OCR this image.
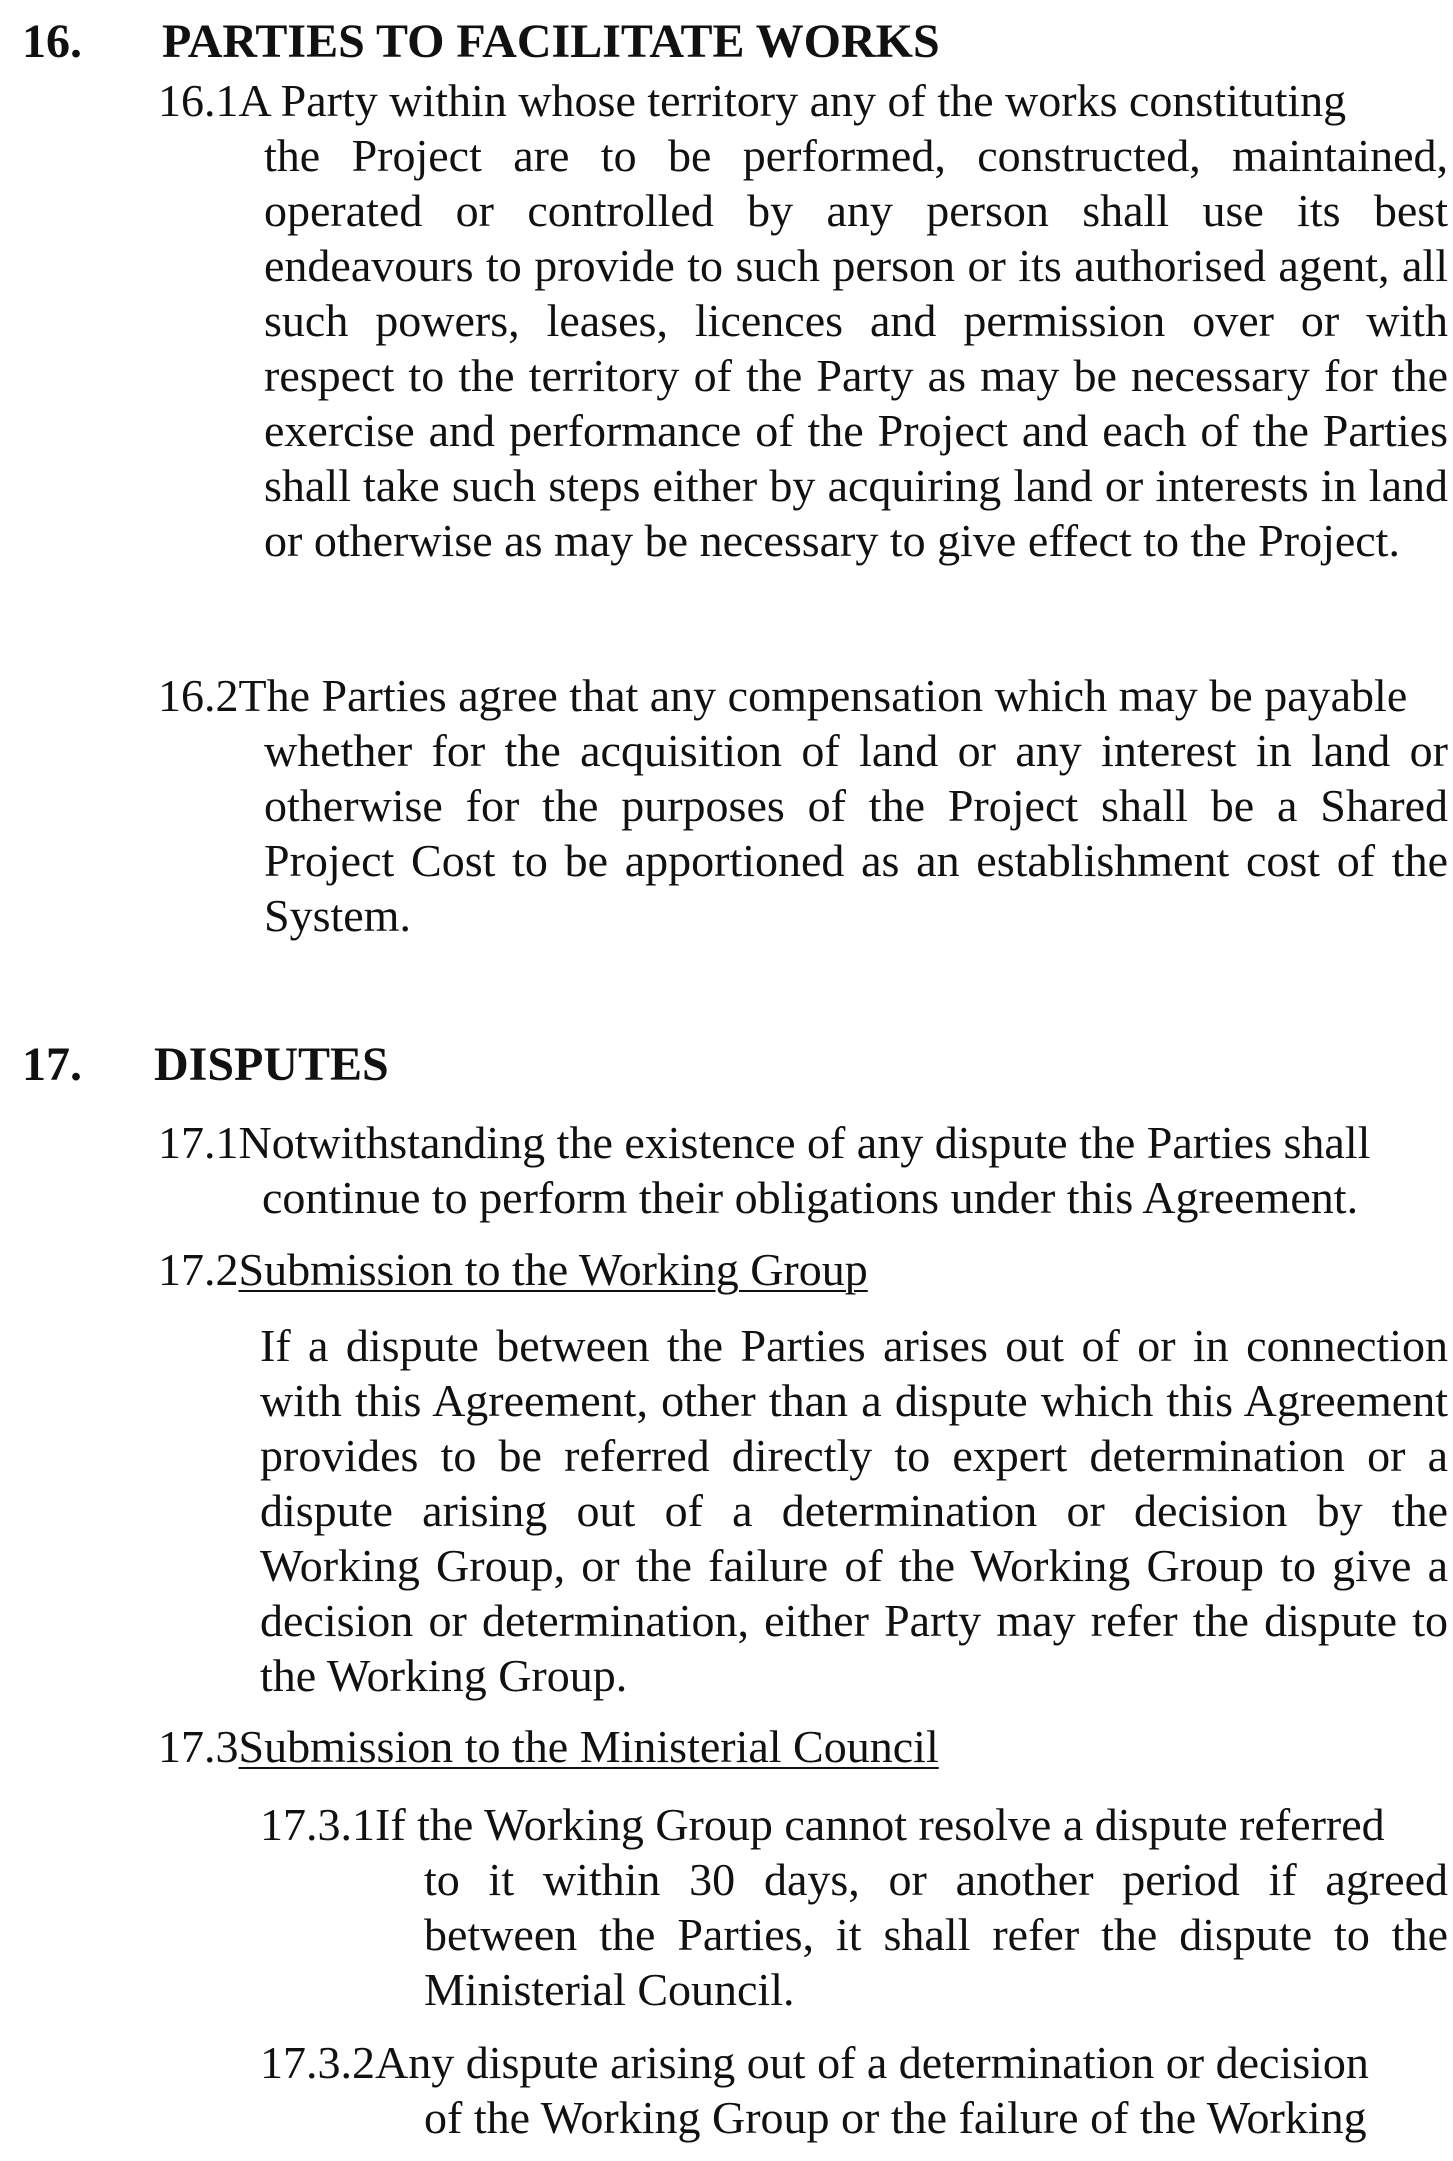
16. PARTIES TO FACILITATE WORKS
16.1A Party within whose territory any of the works constituting
the Project are to be performed, constructed, maintained, operated or controlled by any person shall use its best endeavours to provide to such person or its authorised agent, all such powers, leases, licences and permission over or with respect to the territory of the Party as may be necessary for the exercise and performance of the Project and each of the Parties shall take such steps either by acquiring land or interests in land or otherwise as may be necessary to give effect to the Project.
16.2The Parties agree that any compensation which may be payable
whether for the acquisition of land or any interest in land or otherwise for the purposes of the Project shall be a Shared Project Cost to be apportioned as an establishment cost of the System.
17. DISPUTES
17.1Notwithstanding the existence of any dispute the Parties shall
continue to perform their obligations under this Agreement.
17.2Submission to the Working Group
If a dispute between the Parties arises out of or in connection with this Agreement, other than a dispute which this Agreement provides to be referred directly to expert determination or a dispute arising out of a determination or decision by the Working Group, or the failure of the Working Group to give a decision or determination, either Party may refer the dispute to the Working Group.
17.3Submission to the Ministerial Council
17.3.1If the Working Group cannot resolve a dispute referred
to it within 30 days, or another period if agreed between the Parties, it shall refer the dispute to the Ministerial Council.
17.3.2Any dispute arising out of a determination or decision
of the Working Group or the failure of the Working
